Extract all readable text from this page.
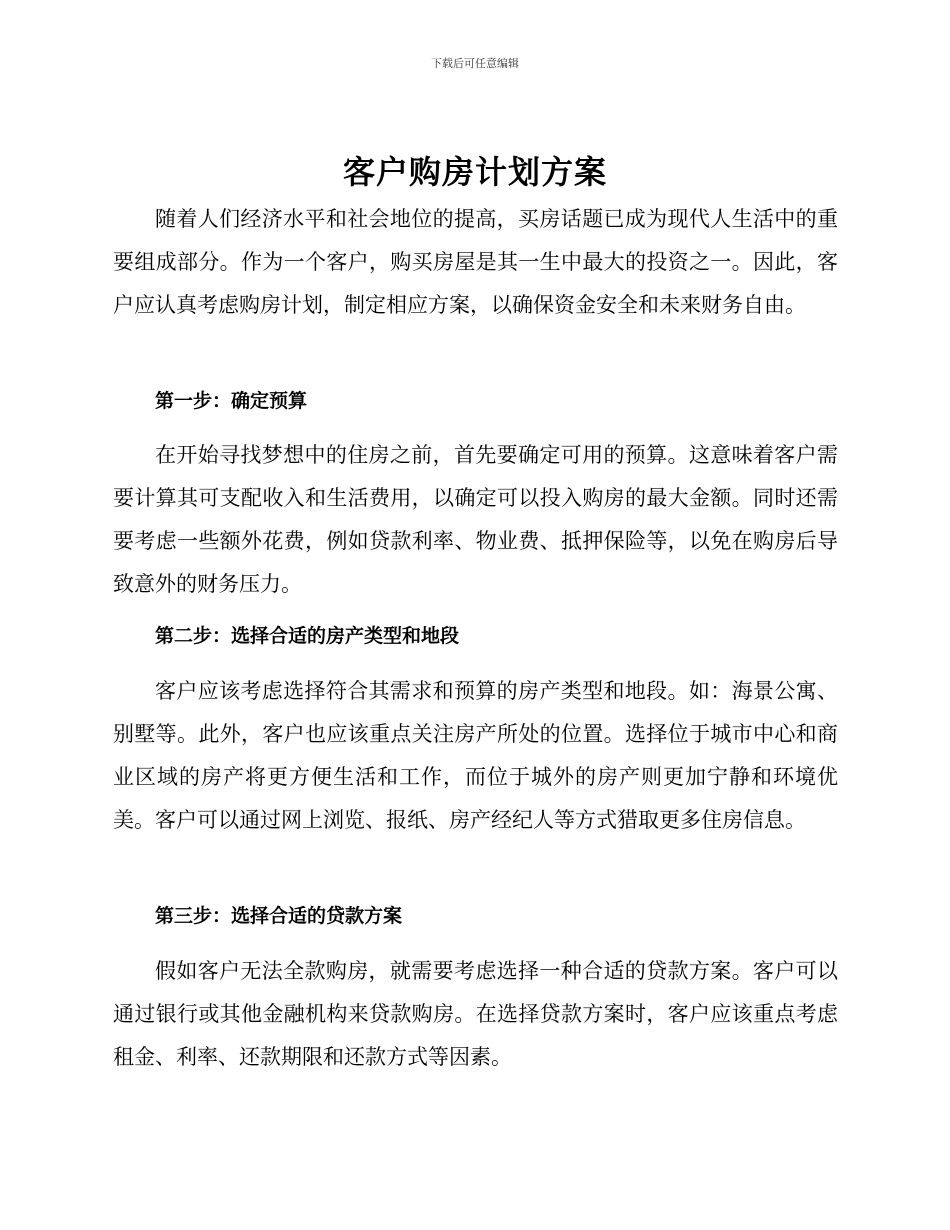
下载后可任意编辑
客户购房计划方案

随着人们经济水平和社会地位的提高，买房话题已成为现代人生活中的重要组成部分。作为一个客户，购买房屋是其一生中最大的投资之一。因此，客户应认真考虑购房计划，制定相应方案，以确保资金安全和未来财务自由。

第一步：确定预算

在开始寻找梦想中的住房之前，首先要确定可用的预算。这意味着客户需要计算其可支配收入和生活费用，以确定可以投入购房的最大金额。同时还需要考虑一些额外花费，例如贷款利率、物业费、抵押保险等，以免在购房后导致意外的财务压力。

第二步：选择合适的房产类型和地段

客户应该考虑选择符合其需求和预算的房产类型和地段。如：海景公寓、别墅等。此外，客户也应该重点关注房产所处的位置。选择位于城市中心和商业区域的房产将更方便生活和工作，而位于城外的房产则更加宁静和环境优美。客户可以通过网上浏览、报纸、房产经纪人等方式猎取更多住房信息。

第三步：选择合适的贷款方案

假如客户无法全款购房，就需要考虑选择一种合适的贷款方案。客户可以通过银行或其他金融机构来贷款购房。在选择贷款方案时，客户应该重点考虑租金、利率、还款期限和还款方式等因素。
